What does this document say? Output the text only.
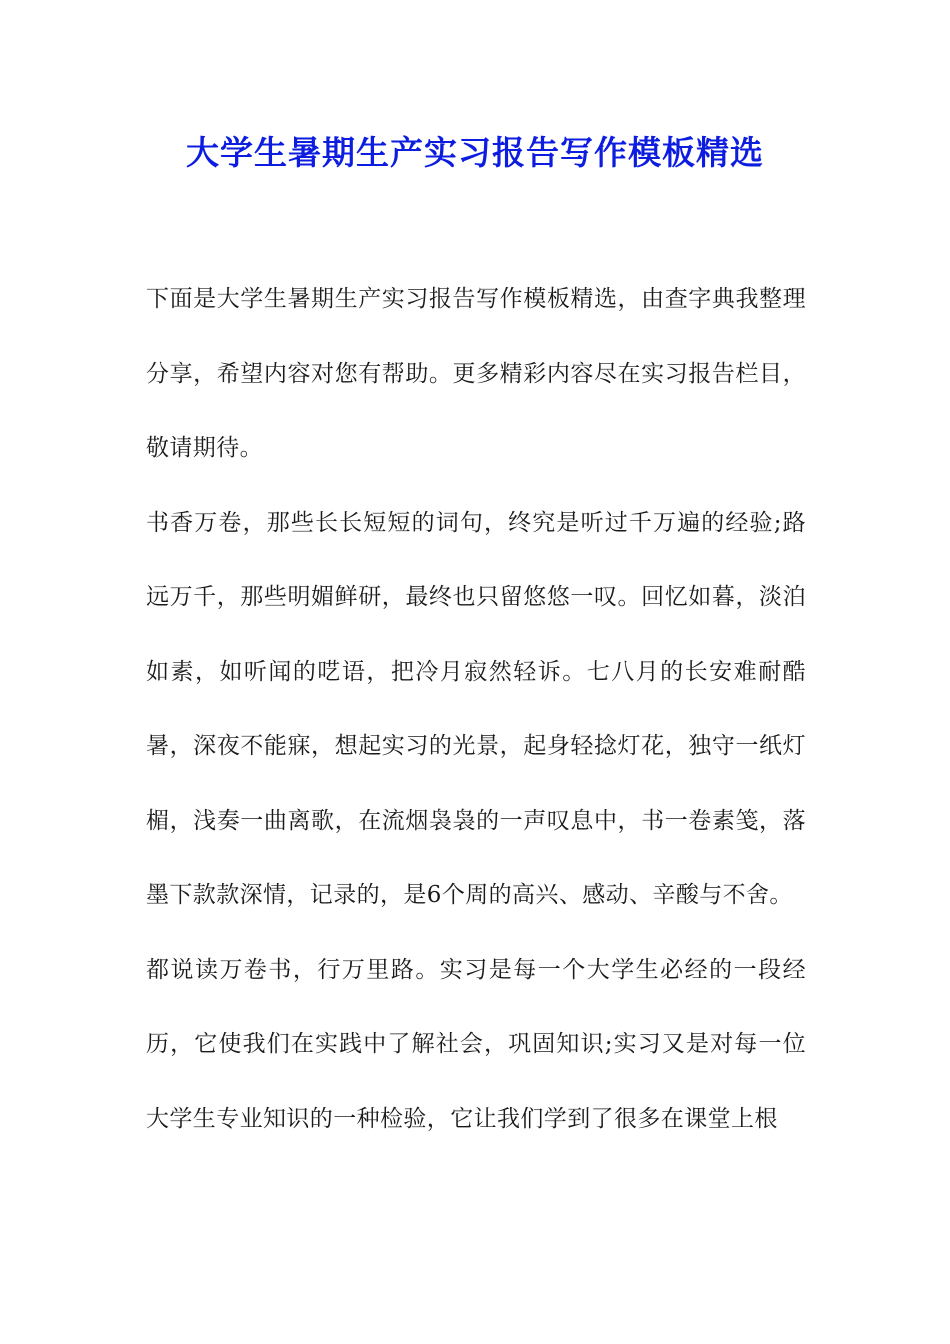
大学生暑期生产实习报告写作模板精选

下面是大学生暑期生产实习报告写作模板精选，由查字典我整理分享，希望内容对您有帮助。更多精彩内容尽在实习报告栏目，敬请期待。

书香万卷，那些长长短短的词句，终究是听过千万遍的经验;路远万千，那些明媚鲜研，最终也只留悠悠一叹。回忆如暮，淡泊如素，如听闻的呓语，把冷月寂然轻诉。七八月的长安难耐酷暑，深夜不能寐，想起实习的光景，起身轻捻灯花，独守一纸灯楣，浅奏一曲离歌，在流烟袅袅的一声叹息中，书一卷素笺，落墨下款款深情，记录的，是6个周的高兴、感动、辛酸与不舍。

都说读万卷书，行万里路。实习是每一个大学生必经的一段经历，它使我们在实践中了解社会，巩固知识;实习又是对每一位大学生专业知识的一种检验，它让我们学到了很多在课堂上根
